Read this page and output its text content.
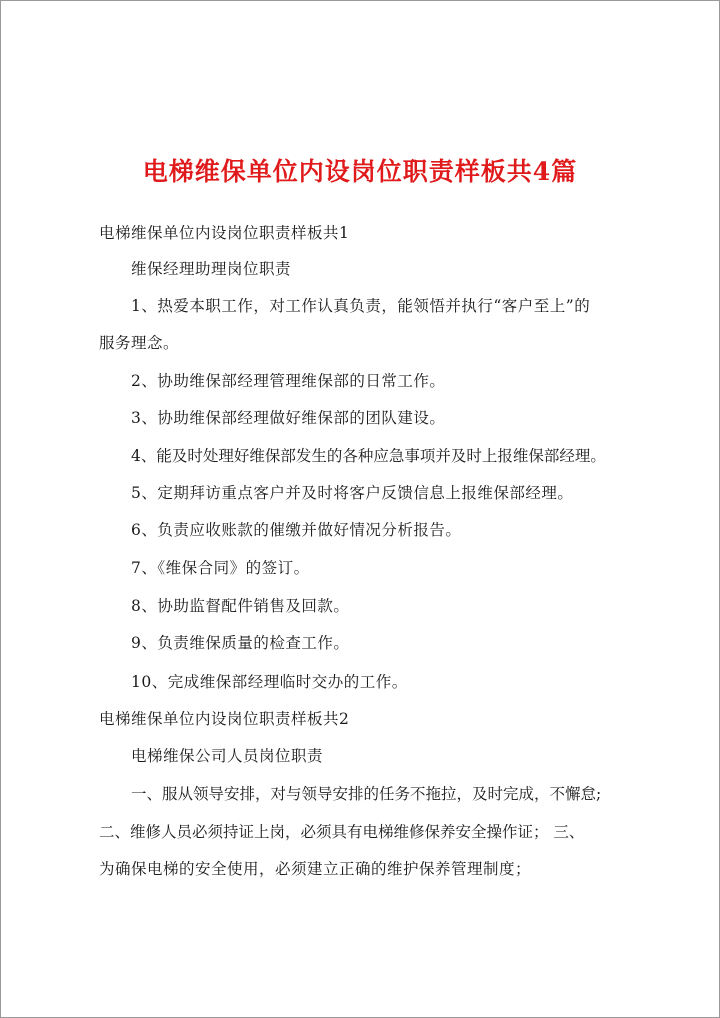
电梯维保单位内设岗位职责样板共4篇
电梯维保单位内设岗位职责样板共1
维保经理助理岗位职责
1、热爱本职工作，对工作认真负责，能领悟并执行“客户至上”的
服务理念。
2、协助维保部经理管理维保部的日常工作。
3、协助维保部经理做好维保部的团队建设。
4、能及时处理好维保部发生的各种应急事项并及时上报维保部经理。
5、定期拜访重点客户并及时将客户反馈信息上报维保部经理。
6、负责应收账款的催缴并做好情况分析报告。
7、《维保合同》的签订。
8、协助监督配件销售及回款。
9、负责维保质量的检查工作。
10、完成维保部经理临时交办的工作。
电梯维保单位内设岗位职责样板共2
电梯维保公司人员岗位职责
一、服从领导安排，对与领导安排的任务不拖拉，及时完成，不懈怠;
二、维修人员必须持证上岗，必须具有电梯维修保养安全操作证； 三、
为确保电梯的安全使用，必须建立正确的维护保养管理制度；
